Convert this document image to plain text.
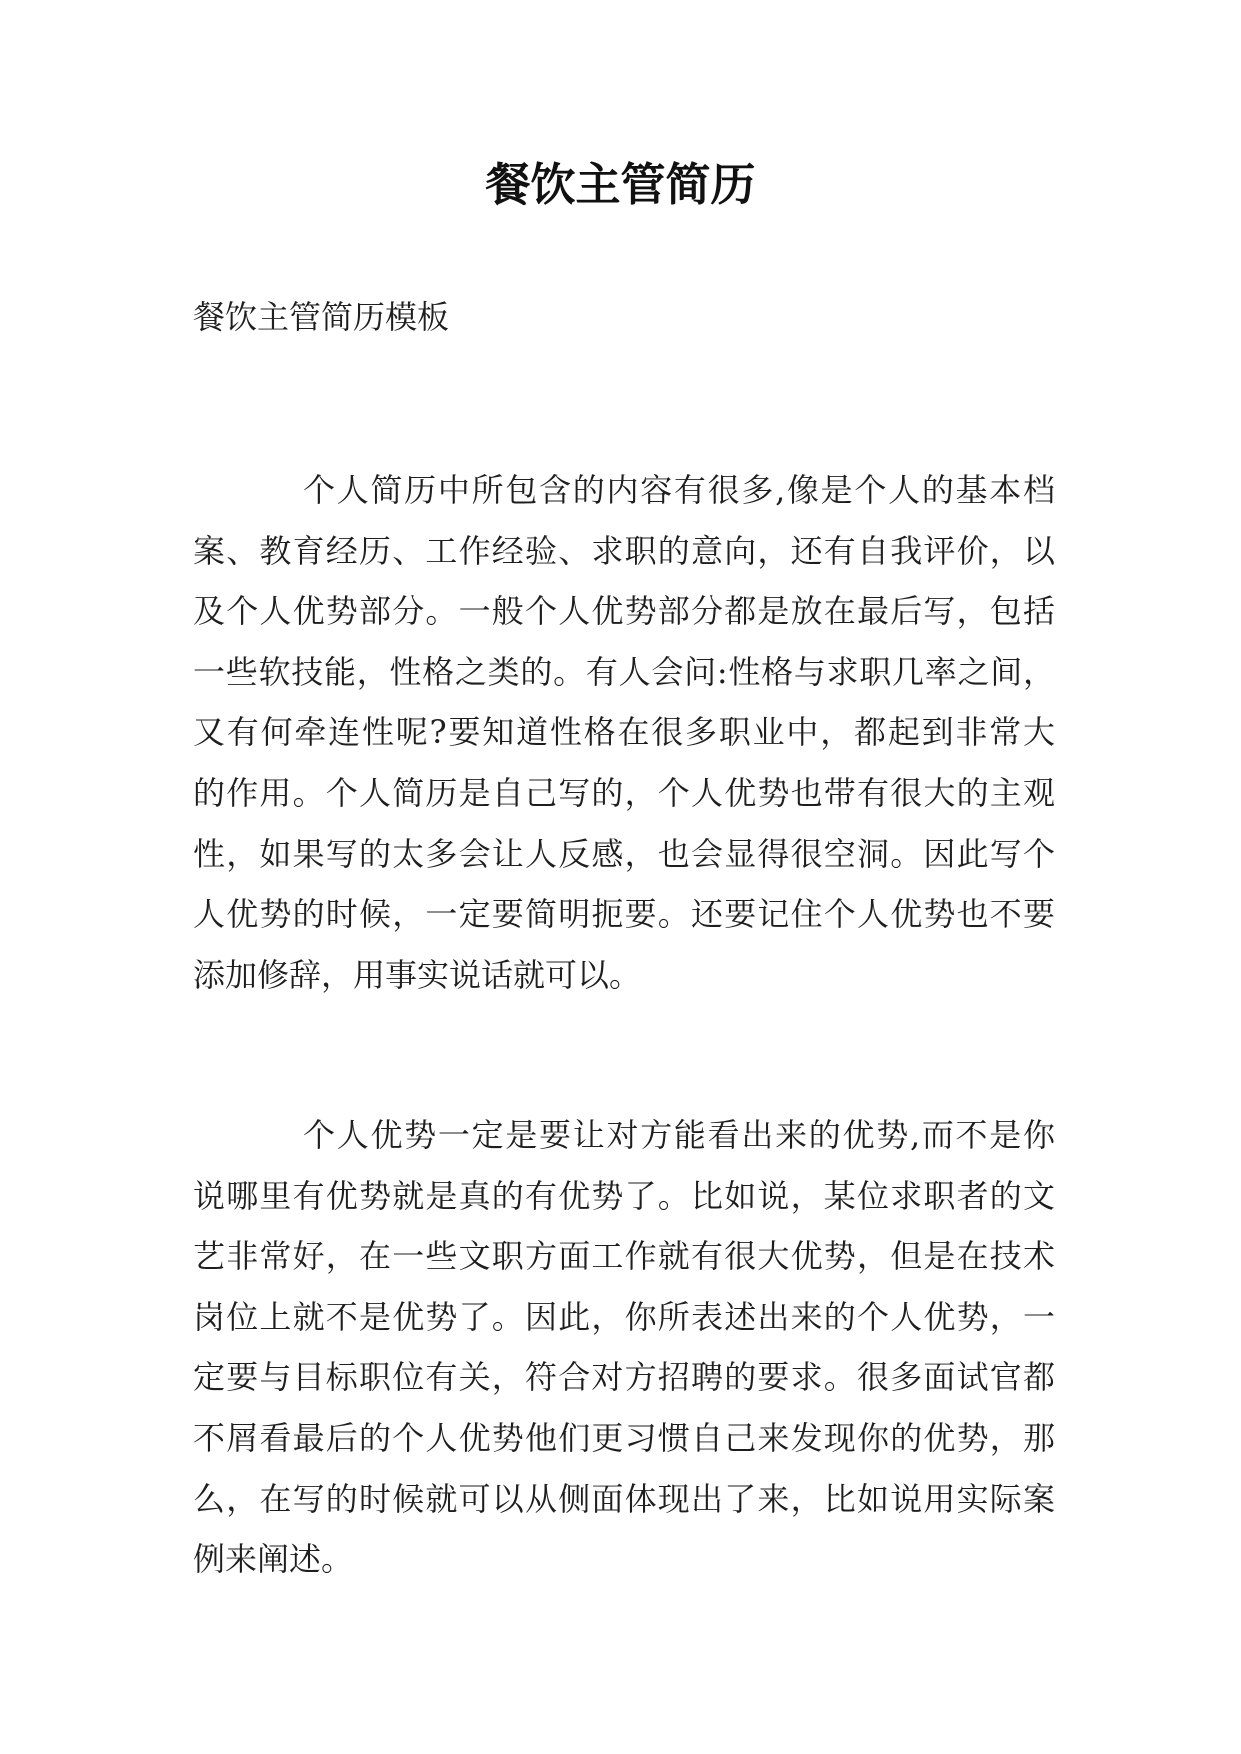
餐饮主管简历
餐饮主管简历模板
个人简历中所包含的内容有很多,像是个人的基本档
案、教育经历、工作经验、求职的意向，还有自我评价，以
及个人优势部分。一般个人优势部分都是放在最后写，包括
一些软技能，性格之类的。有人会问:性格与求职几率之间，
又有何牵连性呢?要知道性格在很多职业中，都起到非常大
的作用。个人简历是自己写的，个人优势也带有很大的主观
性，如果写的太多会让人反感，也会显得很空洞。因此写个
人优势的时候，一定要简明扼要。还要记住个人优势也不要
添加修辞，用事实说话就可以。
个人优势一定是要让对方能看出来的优势,而不是你
说哪里有优势就是真的有优势了。比如说，某位求职者的文
艺非常好，在一些文职方面工作就有很大优势，但是在技术
岗位上就不是优势了。因此，你所表述出来的个人优势，一
定要与目标职位有关，符合对方招聘的要求。很多面试官都
不屑看最后的个人优势他们更习惯自己来发现你的优势，那
么，在写的时候就可以从侧面体现出了来，比如说用实际案
例来阐述。
